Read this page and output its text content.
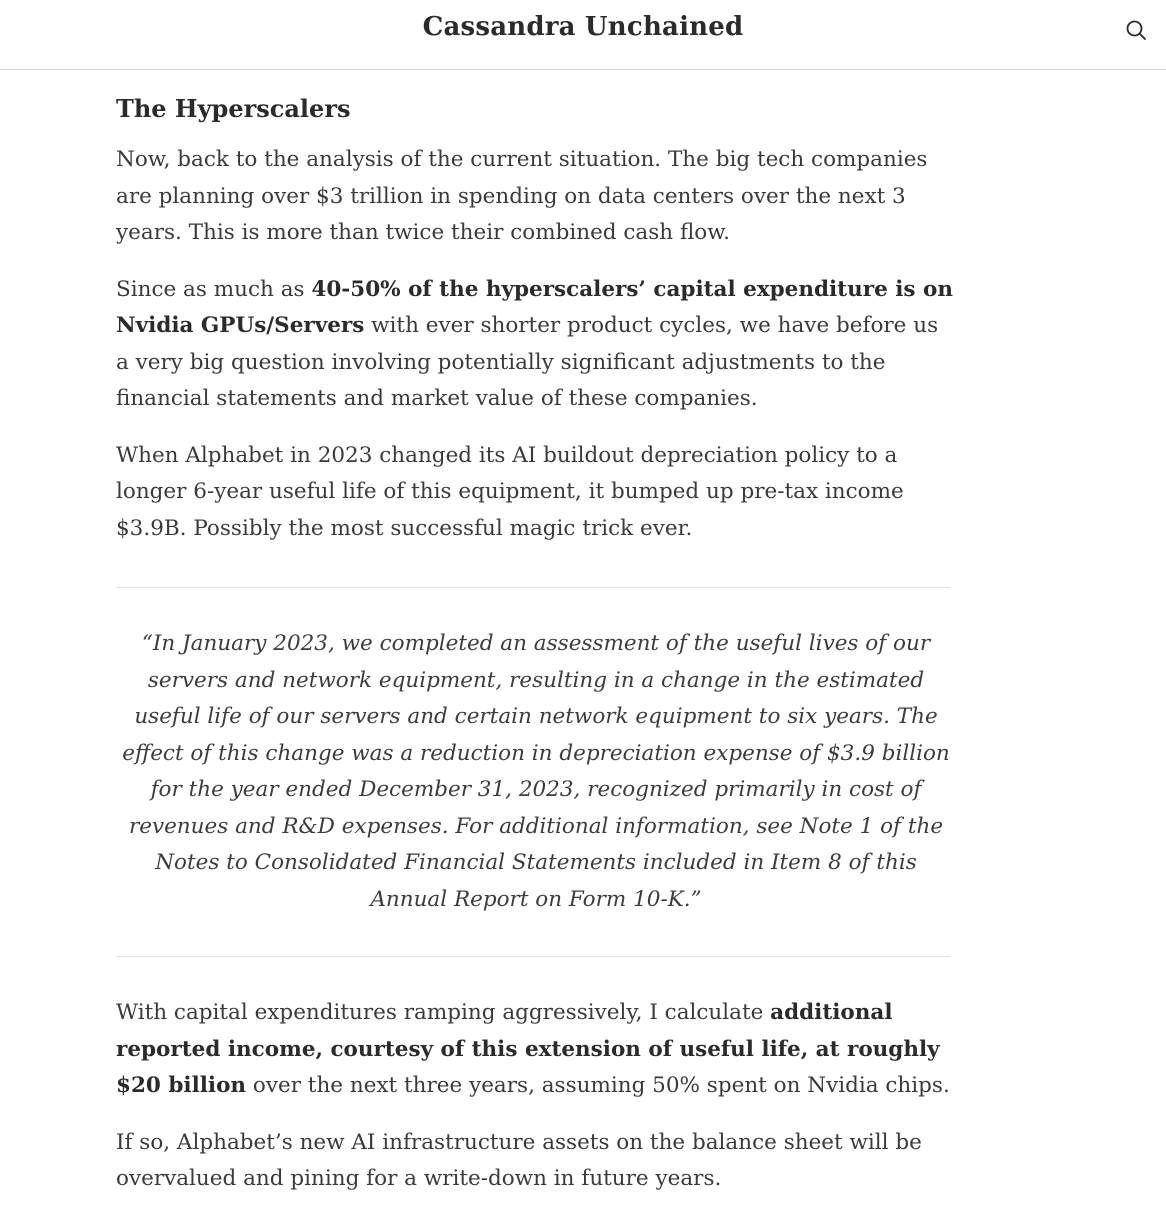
Cassandra Unchained
The Hyperscalers

Now, back to the analysis of the current situation. The big tech companies are planning over $3 trillion in spending on data centers over the next 3 years. This is more than twice their combined cash flow.

Since as much as 40-50% of the hyperscalers’ capital expenditure is on Nvidia GPUs/Servers with ever shorter product cycles, we have before us a very big question involving potentially significant adjustments to the financial statements and market value of these companies.

When Alphabet in 2023 changed its AI buildout depreciation policy to a longer 6-year useful life of this equipment, it bumped up pre-tax income $3.9B. Possibly the most successful magic trick ever.

“In January 2023, we completed an assessment of the useful lives of our servers and network equipment, resulting in a change in the estimated useful life of our servers and certain network equipment to six years. The effect of this change was a reduction in depreciation expense of $3.9 billion for the year ended December 31, 2023, recognized primarily in cost of revenues and R&D expenses. For additional information, see Note 1 of the Notes to Consolidated Financial Statements included in Item 8 of this Annual Report on Form 10-K.”

With capital expenditures ramping aggressively, I calculate additional reported income, courtesy of this extension of useful life, at roughly $20 billion over the next three years, assuming 50% spent on Nvidia chips.

If so, Alphabet’s new AI infrastructure assets on the balance sheet will be overvalued and pining for a write-down in future years.
